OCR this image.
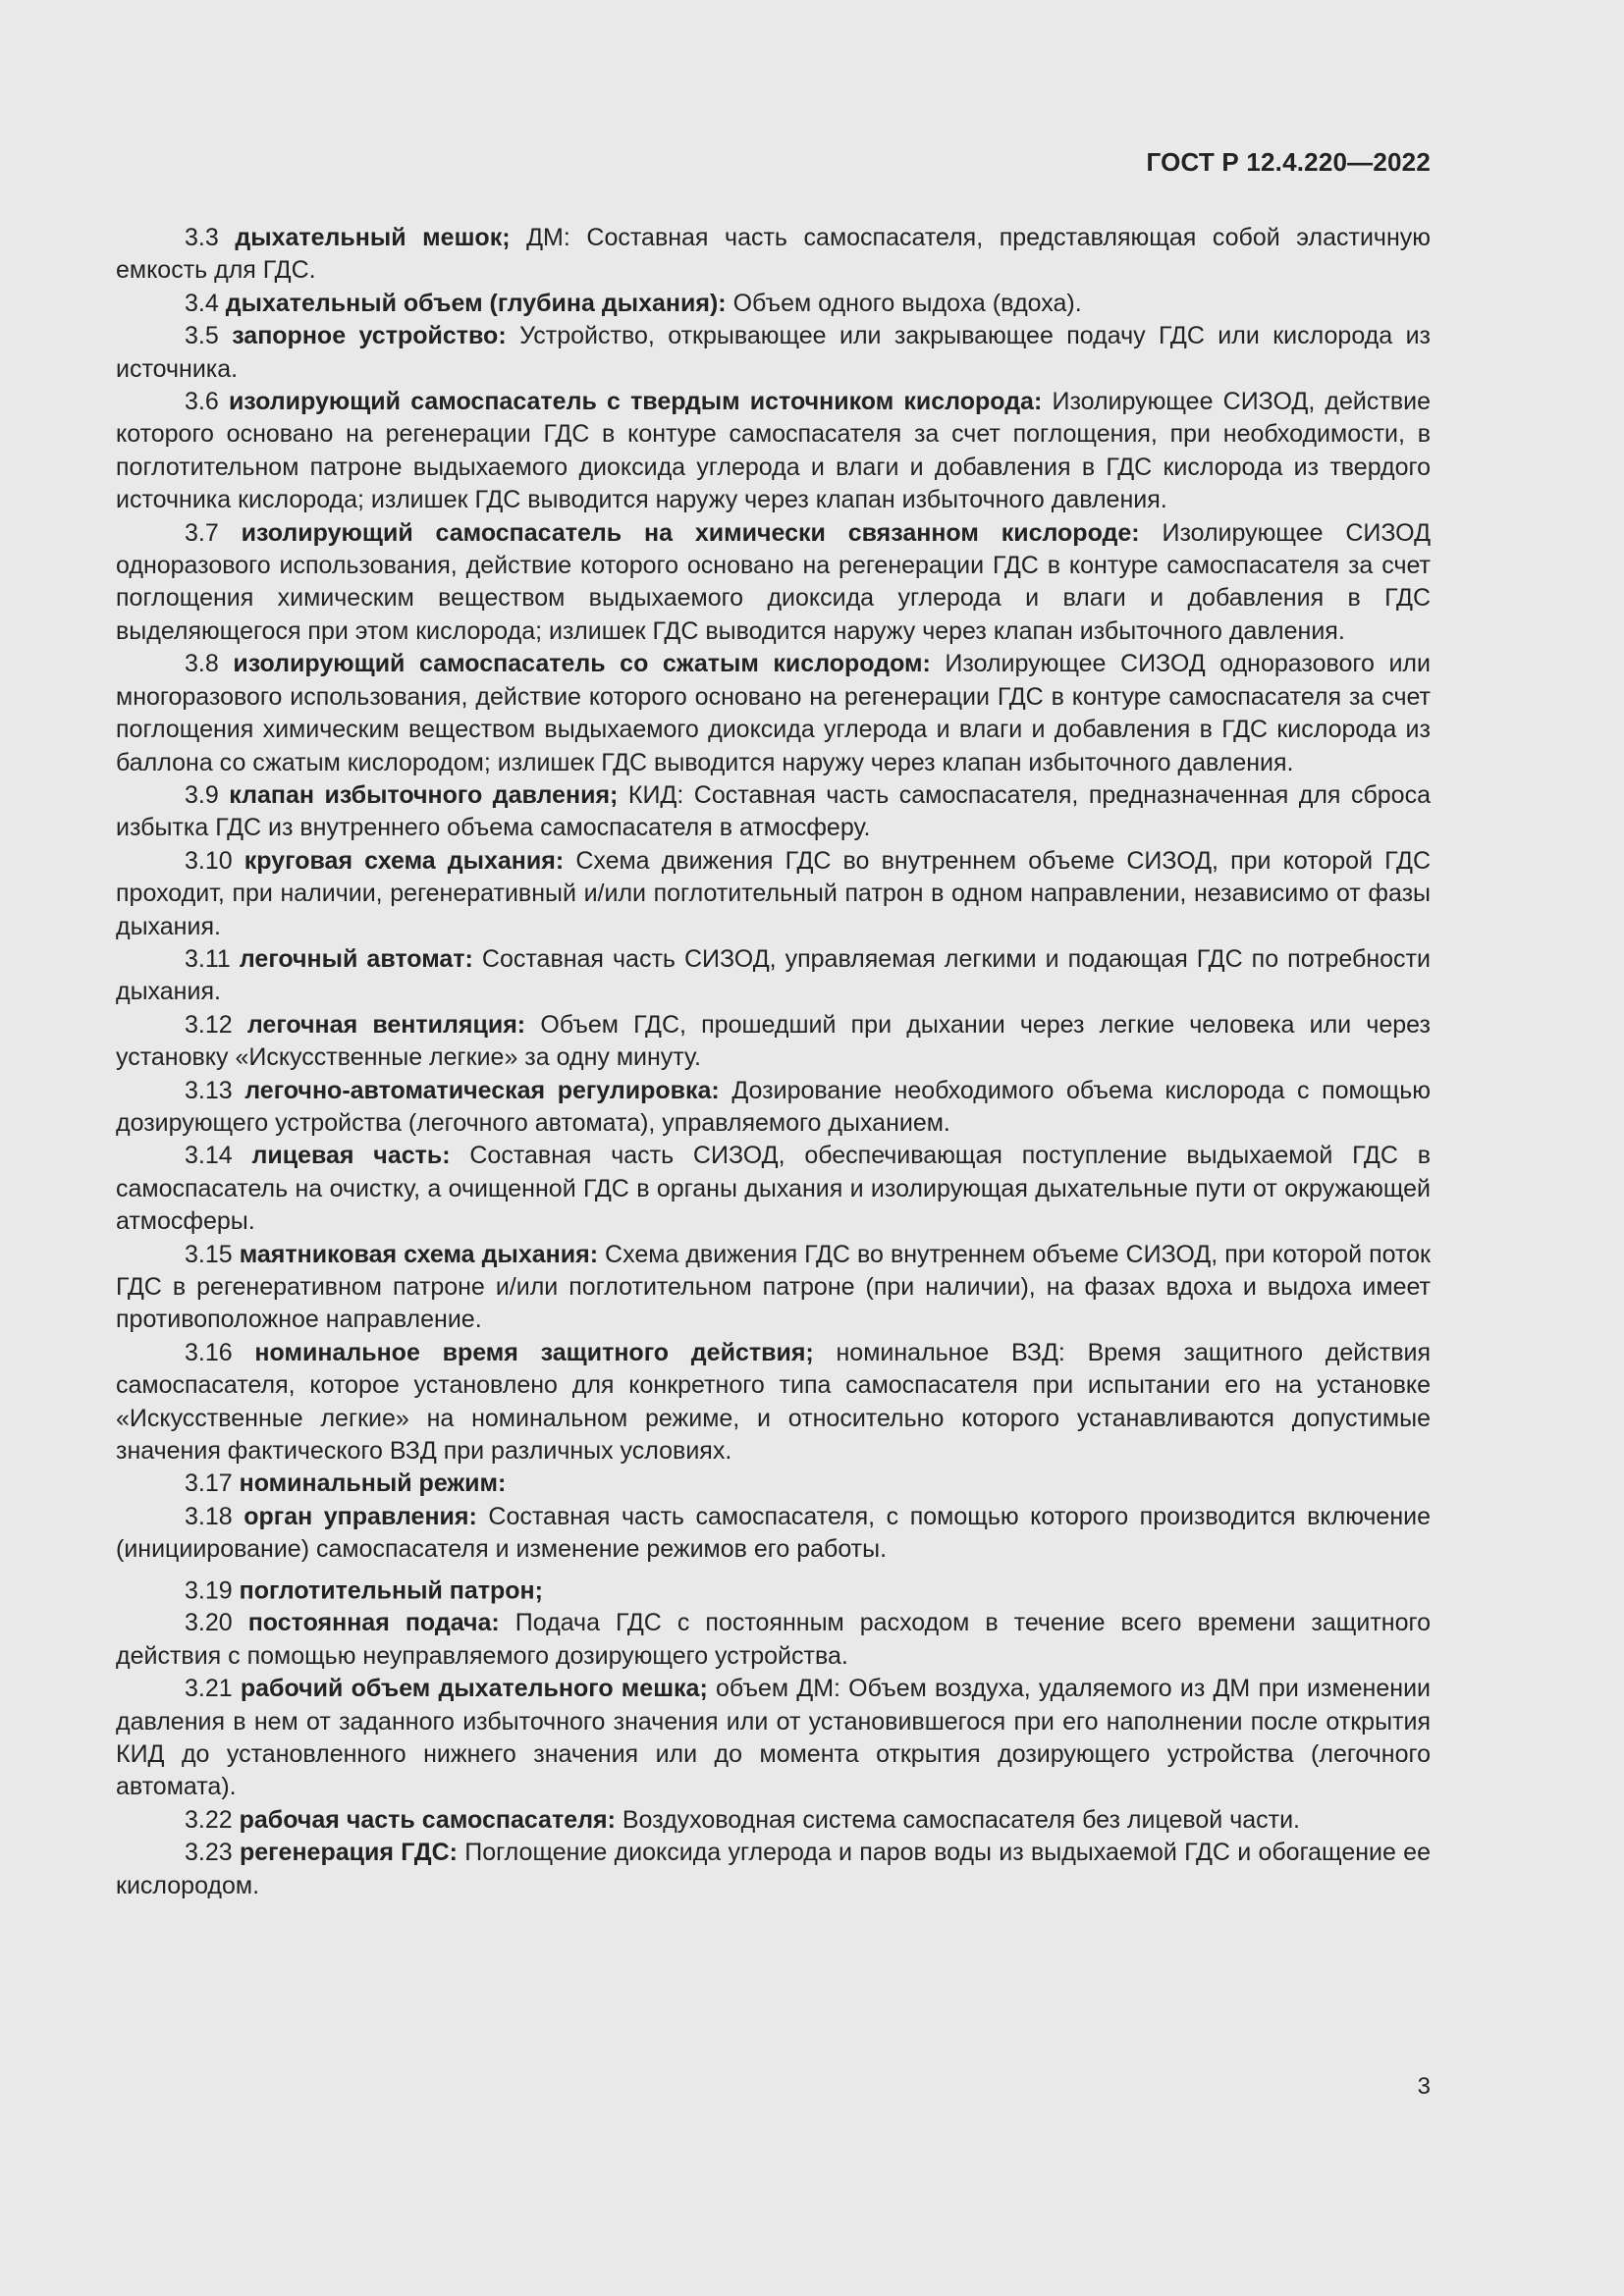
ГОСТ Р 12.4.220—2022

3.3 дыхательный мешок; ДМ: Составная часть самоспасателя, представляющая собой эластичную емкость для ГДС.

3.4 дыхательный объем (глубина дыхания): Объем одного выдоха (вдоха).

3.5 запорное устройство: Устройство, открывающее или закрывающее подачу ГДС или кислорода из источника.

3.6 изолирующий самоспасатель с твердым источником кислорода: Изолирующее СИЗОД, действие которого основано на регенерации ГДС в контуре самоспасателя за счет поглощения, при необходимости, в поглотительном патроне выдыхаемого диоксида углерода и влаги и добавления в ГДС кислорода из твердого источника кислорода; излишек ГДС выводится наружу через клапан избыточного давления.

3.7 изолирующий самоспасатель на химически связанном кислороде: Изолирующее СИЗОД одноразового использования, действие которого основано на регенерации ГДС в контуре самоспасателя за счет поглощения химическим веществом выдыхаемого диоксида углерода и влаги и добавления в ГДС выделяющегося при этом кислорода; излишек ГДС выводится наружу через клапан избыточного давления.

3.8 изолирующий самоспасатель со сжатым кислородом: Изолирующее СИЗОД одноразового или многоразового использования, действие которого основано на регенерации ГДС в контуре самоспасателя за счет поглощения химическим веществом выдыхаемого диоксида углерода и влаги и добавления в ГДС кислорода из баллона со сжатым кислородом; излишек ГДС выводится наружу через клапан избыточного давления.

3.9 клапан избыточного давления; КИД: Составная часть самоспасателя, предназначенная для сброса избытка ГДС из внутреннего объема самоспасателя в атмосферу.

3.10 круговая схема дыхания: Схема движения ГДС во внутреннем объеме СИЗОД, при которой ГДС проходит, при наличии, регенеративный и/или поглотительный патрон в одном направлении, независимо от фазы дыхания.

3.11 легочный автомат: Составная часть СИЗОД, управляемая легкими и подающая ГДС по потребности дыхания.

3.12 легочная вентиляция: Объем ГДС, прошедший при дыхании через легкие человека или через установку «Искусственные легкие» за одну минуту.

3.13 легочно-автоматическая регулировка: Дозирование необходимого объема кислорода с помощью дозирующего устройства (легочного автомата), управляемого дыханием.

3.14 лицевая часть: Составная часть СИЗОД, обеспечивающая поступление выдыхаемой ГДС в самоспасатель на очистку, а очищенной ГДС в органы дыхания и изолирующая дыхательные пути от окружающей атмосферы.

3.15 маятниковая схема дыхания: Схема движения ГДС во внутреннем объеме СИЗОД, при которой поток ГДС в регенеративном патроне и/или поглотительном патроне (при наличии), на фазах вдоха и выдоха имеет противоположное направление.

3.16 номинальное время защитного действия; номинальное ВЗД: Время защитного действия самоспасателя, которое установлено для конкретного типа самоспасателя при испытании его на установке «Искусственные легкие» на номинальном режиме, и относительно которого устанавливаются допустимые значения фактического ВЗД при различных условиях.

3.17 номинальный режим:

3.18 орган управления: Составная часть самоспасателя, с помощью которого производится включение (инициирование) самоспасателя и изменение режимов его работы.

3.19 поглотительный патрон;

3.20 постоянная подача: Подача ГДС с постоянным расходом в течение всего времени защитного действия с помощью неуправляемого дозирующего устройства.

3.21 рабочий объем дыхательного мешка; объем ДМ: Объем воздуха, удаляемого из ДМ при изменении давления в нем от заданного избыточного значения или от установившегося при его наполнении после открытия КИД до установленного нижнего значения или до момента открытия дозирующего устройства (легочного автомата).

3.22 рабочая часть самоспасателя: Воздуховодная система самоспасателя без лицевой части.

3.23 регенерация ГДС: Поглощение диоксида углерода и паров воды из выдыхаемой ГДС и обогащение ее кислородом.

3
